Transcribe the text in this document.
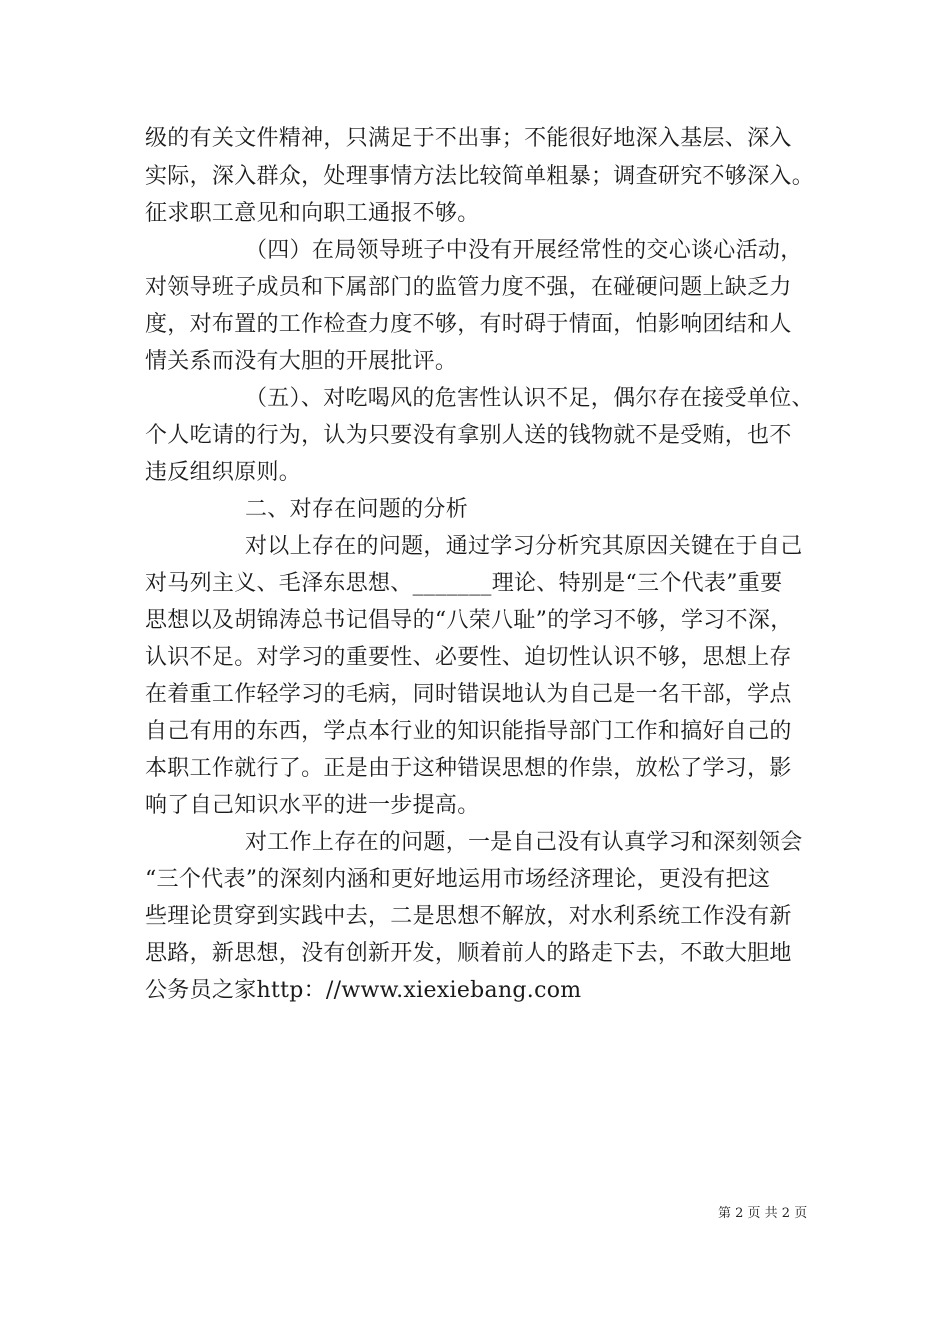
级的有关文件精神，只满足于不出事；不能很好地深入基层、深入
实际，深入群众，处理事情方法比较简单粗暴；调查研究不够深入。
征求职工意见和向职工通报不够。
（四）在局领导班子中没有开展经常性的交心谈心活动，
对领导班子成员和下属部门的监管力度不强，在碰硬问题上缺乏力
度，对布置的工作检查力度不够，有时碍于情面，怕影响团结和人
情关系而没有大胆的开展批评。
（五）、对吃喝风的危害性认识不足，偶尔存在接受单位、
个人吃请的行为，认为只要没有拿别人送的钱物就不是受贿，也不
违反组织原则。
二、对存在问题的分析
对以上存在的问题，通过学习分析究其原因关键在于自己
对马列主义、毛泽东思想、_______理论、特别是“三个代表”重要
思想以及胡锦涛总书记倡导的“八荣八耻”的学习不够，学习不深，
认识不足。对学习的重要性、必要性、迫切性认识不够，思想上存
在着重工作轻学习的毛病，同时错误地认为自己是一名干部，学点
自己有用的东西，学点本行业的知识能指导部门工作和搞好自己的
本职工作就行了。正是由于这种错误思想的作祟，放松了学习，影
响了自己知识水平的进一步提高。
对工作上存在的问题，一是自己没有认真学习和深刻领会
“三个代表”的深刻内涵和更好地运用市场经济理论，更没有把这
些理论贯穿到实践中去，二是思想不解放，对水利系统工作没有新
思路，新思想，没有创新开发，顺着前人的路走下去，不敢大胆地
公务员之家http：//www.xiexiebang.com
第 2 页 共 2 页
